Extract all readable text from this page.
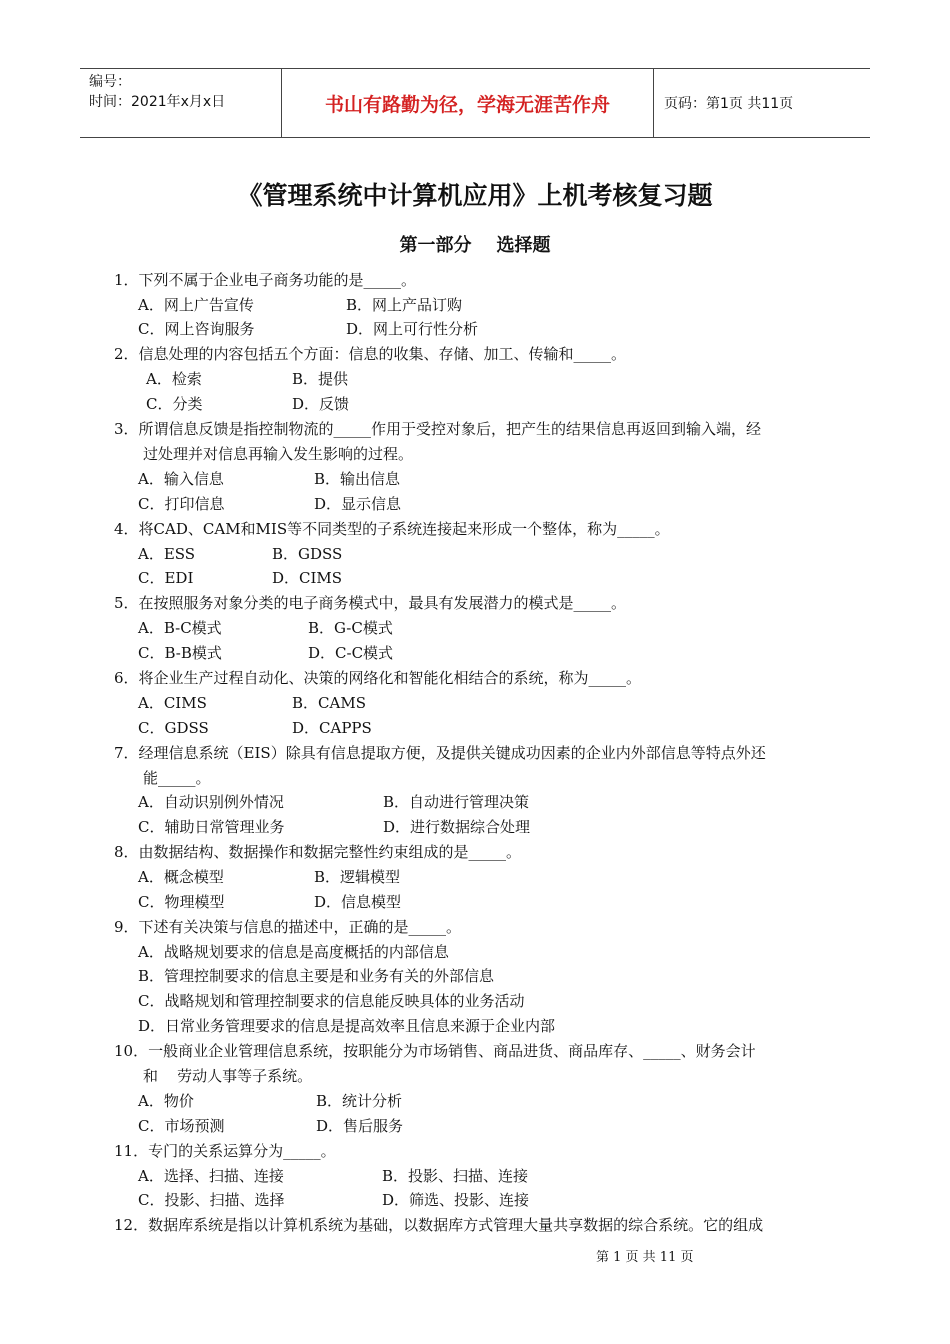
编号：
时间：2021年x月x日	书山有路勤为径，学海无涯苦作舟	页码：第1页 共11页
《管理系统中计算机应用》上机考核复习题
第一部分    选择题
1．下列不属于企业电子商务功能的是_____。
A．网上广告宣传	B．网上产品订购
C．网上咨询服务	D．网上可行性分析
2．信息处理的内容包括五个方面：信息的收集、存储、加工、传输和_____。
A．检索	B．提供
C．分类	D．反馈
3．所谓信息反馈是指控制物流的_____作用于受控对象后，把产生的结果信息再返回到输入端，经
过处理并对信息再输入发生影响的过程。
A．输入信息	B．输出信息
C．打印信息	D．显示信息
4．将CAD、CAM和MIS等不同类型的子系统连接起来形成一个整体，称为_____。
A．ESS	B．GDSS
C．EDI	D．CIMS
5．在按照服务对象分类的电子商务模式中，最具有发展潜力的模式是_____。
A．B-C模式	B．G-C模式
C．B-B模式	D．C-C模式
6．将企业生产过程自动化、决策的网络化和智能化相结合的系统，称为_____。
A．CIMS	B．CAMS
C．GDSS	D．CAPPS
7．经理信息系统（EIS）除具有信息提取方便，及提供关键成功因素的企业内外部信息等特点外还
能_____。
A．自动识别例外情况	B．自动进行管理决策
C．辅助日常管理业务	D．进行数据综合处理
8．由数据结构、数据操作和数据完整性约束组成的是_____。
A．概念模型	B．逻辑模型
C．物理模型	D．信息模型
9．下述有关决策与信息的描述中，正确的是_____。
A．战略规划要求的信息是高度概括的内部信息
B．管理控制要求的信息主要是和业务有关的外部信息
C．战略规划和管理控制要求的信息能反映具体的业务活动
D．日常业务管理要求的信息是提高效率且信息来源于企业内部
10．一般商业企业管理信息系统，按职能分为市场销售、商品进货、商品库存、_____、财务会计
和    劳动人事等子系统。
A．物价	B．统计分析
C．市场预测	D．售后服务
11．专门的关系运算分为_____。
A．选择、扫描、连接	B．投影、扫描、连接
C．投影、扫描、选择	D．筛选、投影、连接
12．数据库系统是指以计算机系统为基础，以数据库方式管理大量共享数据的综合系统。它的组成
第 1 页 共 11 页
